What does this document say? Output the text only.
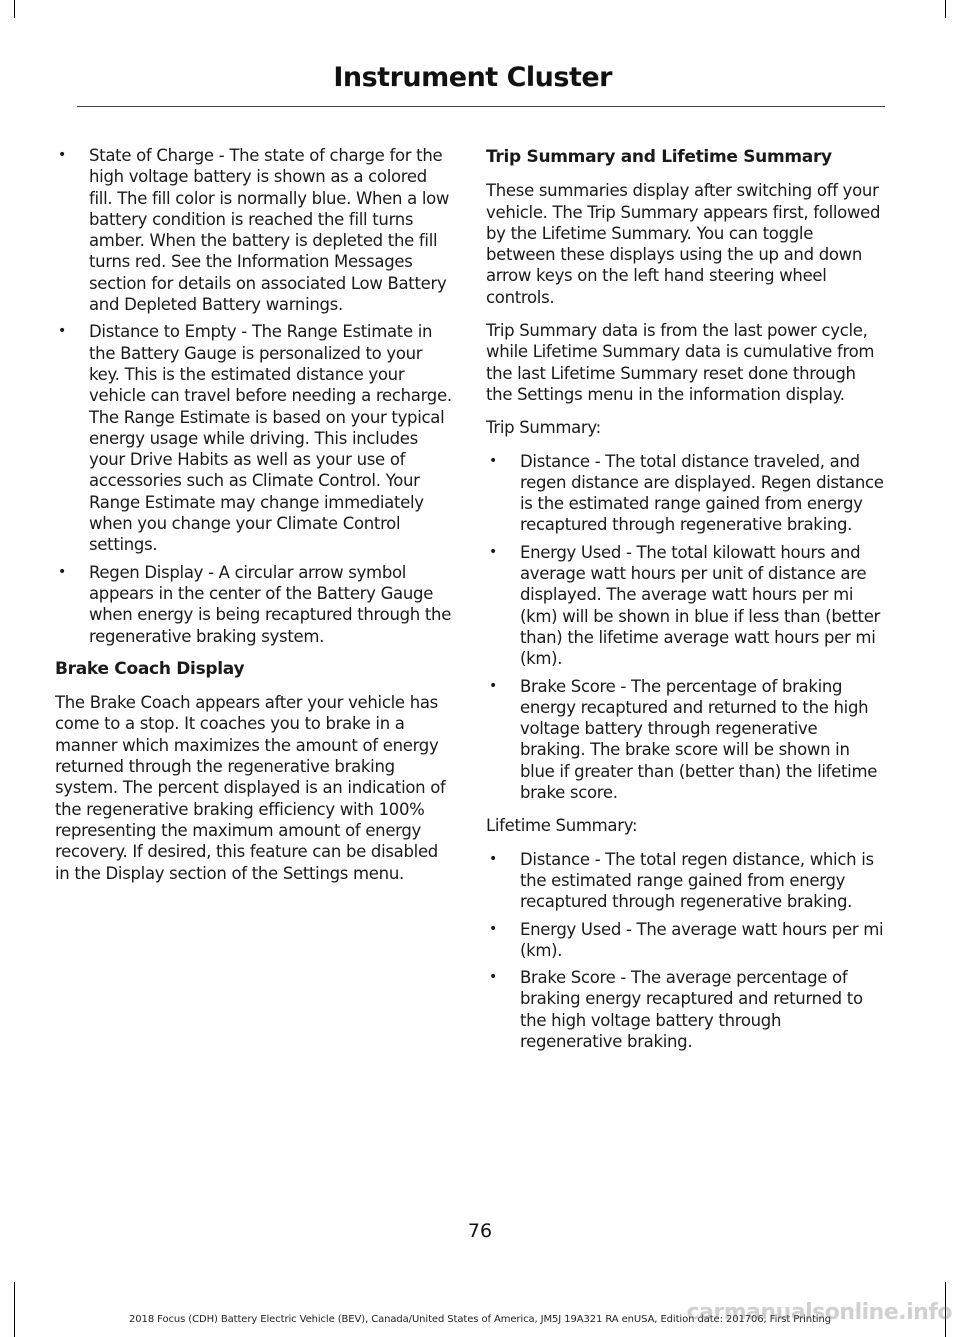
Instrument Cluster
• State of Charge - The state of charge for the high voltage battery is shown as a colored fill. The fill color is normally blue. When a low battery condition is reached the fill turns amber. When the battery is depleted the fill turns red. See the Information Messages section for details on associated Low Battery and Depleted Battery warnings.
• Distance to Empty - The Range Estimate in the Battery Gauge is personalized to your key. This is the estimated distance your vehicle can travel before needing a recharge. The Range Estimate is based on your typical energy usage while driving. This includes your Drive Habits as well as your use of accessories such as Climate Control. Your Range Estimate may change immediately when you change your Climate Control settings.
• Regen Display - A circular arrow symbol appears in the center of the Battery Gauge when energy is being recaptured through the regenerative braking system.
Brake Coach Display

The Brake Coach appears after your vehicle has come to a stop. It coaches you to brake in a manner which maximizes the amount of energy returned through the regenerative braking system. The percent displayed is an indication of the regenerative braking efficiency with 100% representing the maximum amount of energy recovery. If desired, this feature can be disabled in the Display section of the Settings menu.

Trip Summary and Lifetime Summary

These summaries display after switching off your vehicle. The Trip Summary appears first, followed by the Lifetime Summary. You can toggle between these displays using the up and down arrow keys on the left hand steering wheel controls.

Trip Summary data is from the last power cycle, while Lifetime Summary data is cumulative from the last Lifetime Summary reset done through the Settings menu in the information display.

Trip Summary:

• Distance - The total distance traveled, and regen distance are displayed. Regen distance is the estimated range gained from energy recaptured through regenerative braking.
• Energy Used - The total kilowatt hours and average watt hours per unit of distance are displayed. The average watt hours per mi (km) will be shown in blue if less than (better than) the lifetime average watt hours per mi (km).
• Brake Score - The percentage of braking energy recaptured and returned to the high voltage battery through regenerative braking. The brake score will be shown in blue if greater than (better than) the lifetime brake score.

Lifetime Summary:

• Distance - The total regen distance, which is the estimated range gained from energy recaptured through regenerative braking.
• Energy Used - The average watt hours per mi (km).
• Brake Score - The average percentage of braking energy recaptured and returned to the high voltage battery through regenerative braking.
76
2018 Focus (CDH) Battery Electric Vehicle (BEV), Canada/United States of America, JM5J 19A321 RA enUSA, Edition date: 201706, First Printing
carmanualsonline.info
